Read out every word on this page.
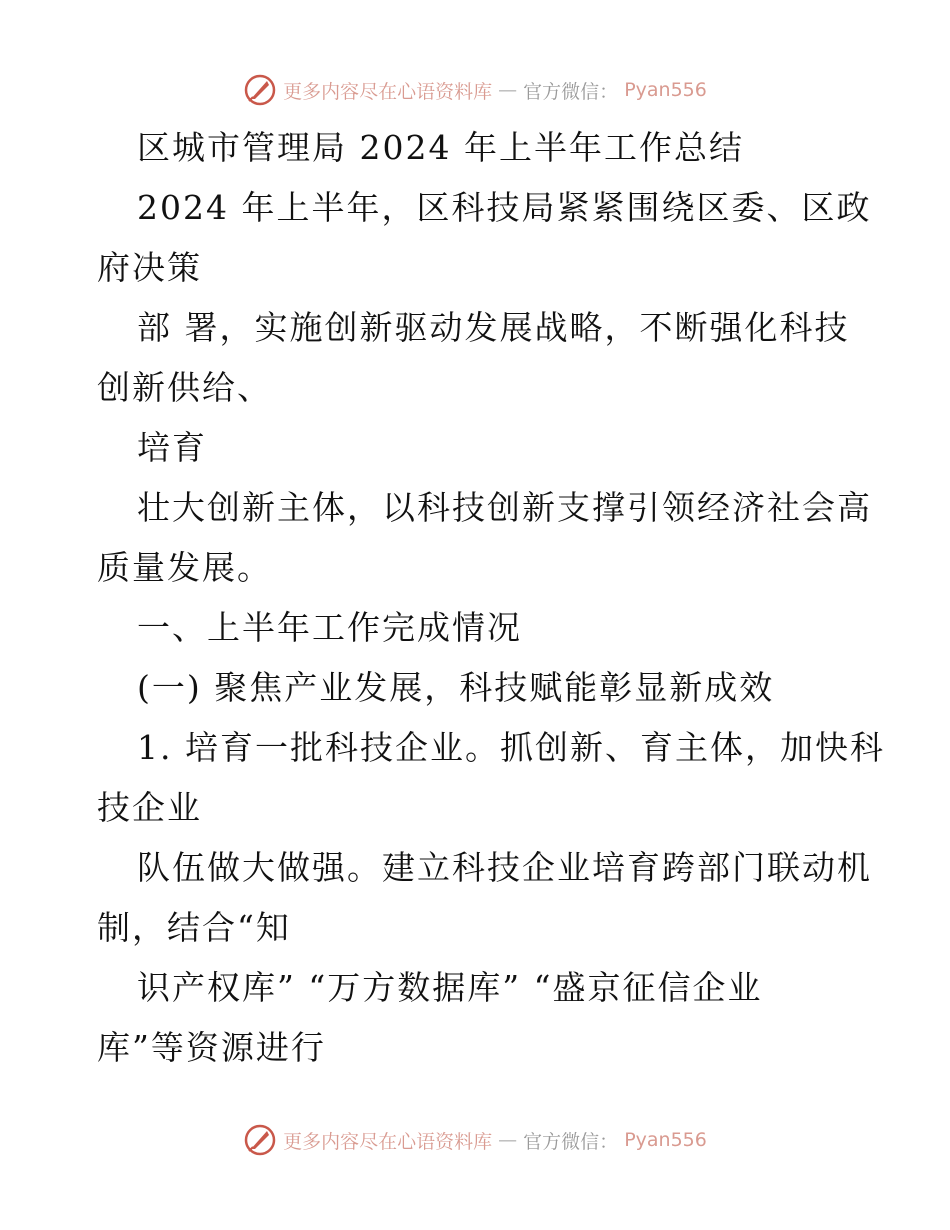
更多内容尽在心语资料库 — 官方微信： Pyan556
区城市管理局 2024 年上半年工作总结
2024 年上半年，区科技局紧紧围绕区委、区政
府决策
部 署，实施创新驱动发展战略，不断强化科技
创新供给、
培育
壮大创新主体，以科技创新支撑引领经济社会高
质量发展。
一、上半年工作完成情况
(一) 聚焦产业发展，科技赋能彰显新成效
1. 培育一批科技企业。抓创新、育主体，加快科
技企业
队伍做大做强。建立科技企业培育跨部门联动机
制，结合“知
识产权库” “万方数据库” “盛京征信企业
库”等资源进行
更多内容尽在心语资料库 — 官方微信： Pyan556
